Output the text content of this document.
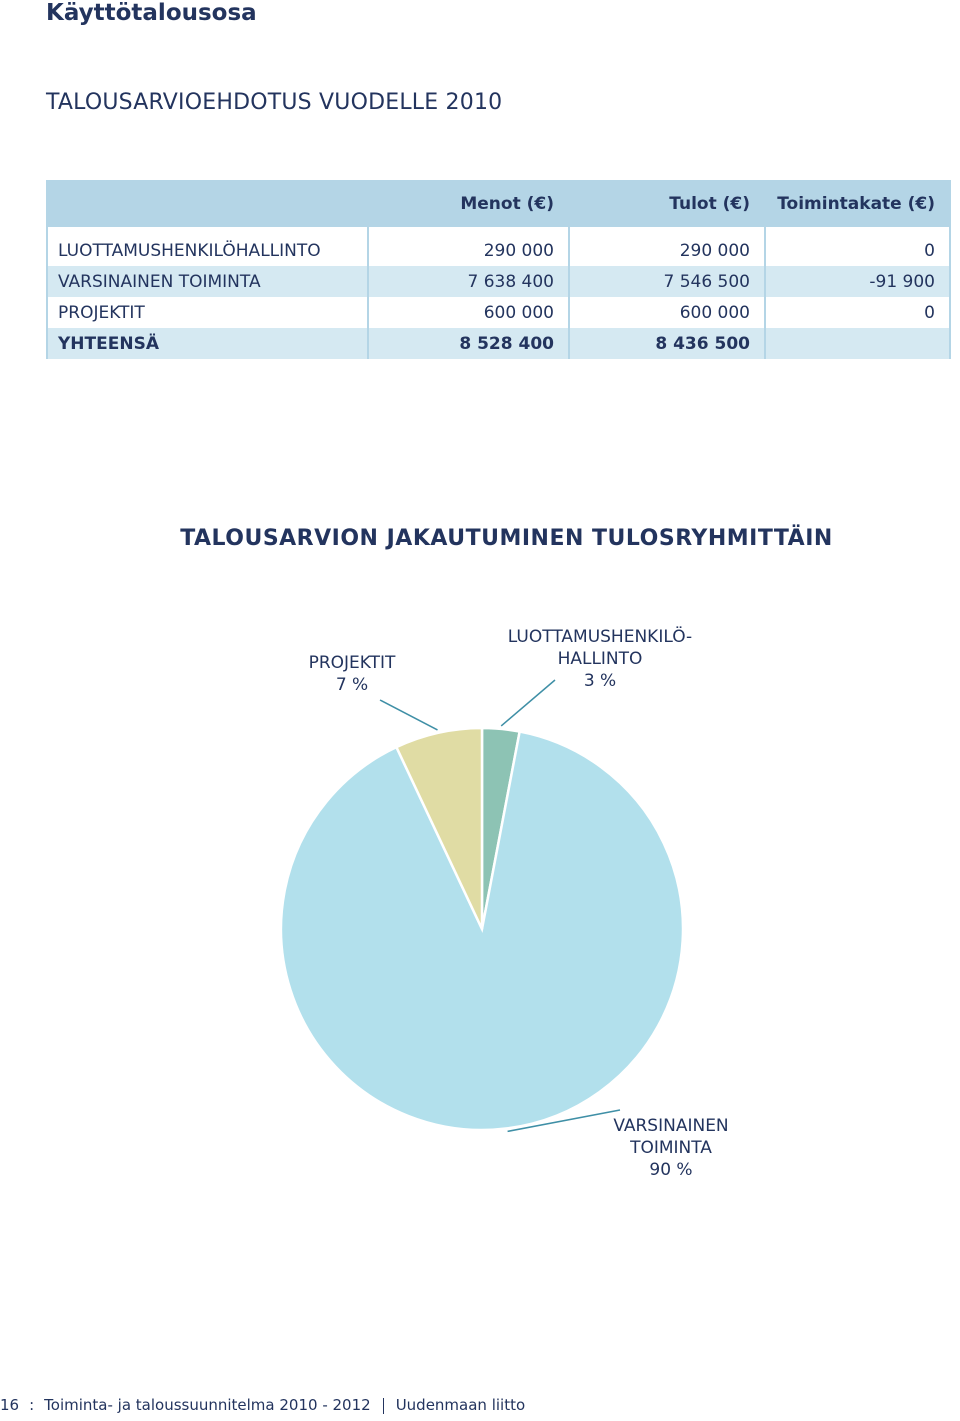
Käyttötalousosa
TALOUSARVIOEHDOTUS VUODELLE 2010
	Menot (€)	Tulot (€)	Toimintakate (€)
LUOTTAMUSHENKILÖHALLINTO	290 000	290 000	0
VARSINAINEN TOIMINTA	7 638 400	7 546 500	-91 900
PROJEKTIT	600 000	600 000	0
YHTEENSÄ	8 528 400	8 436 500	
TALOUSARVION JAKAUTUMINEN TULOSRYHMITTÄIN
LUOTTAMUSHENKILÖ-
HALLINTO
3 %
PROJEKTIT
7 %
VARSINAINEN
TOIMINTA
90 %
16 : Toiminta- ja taloussuunnitelma 2010 - 2012 Uudenmaan liitto
